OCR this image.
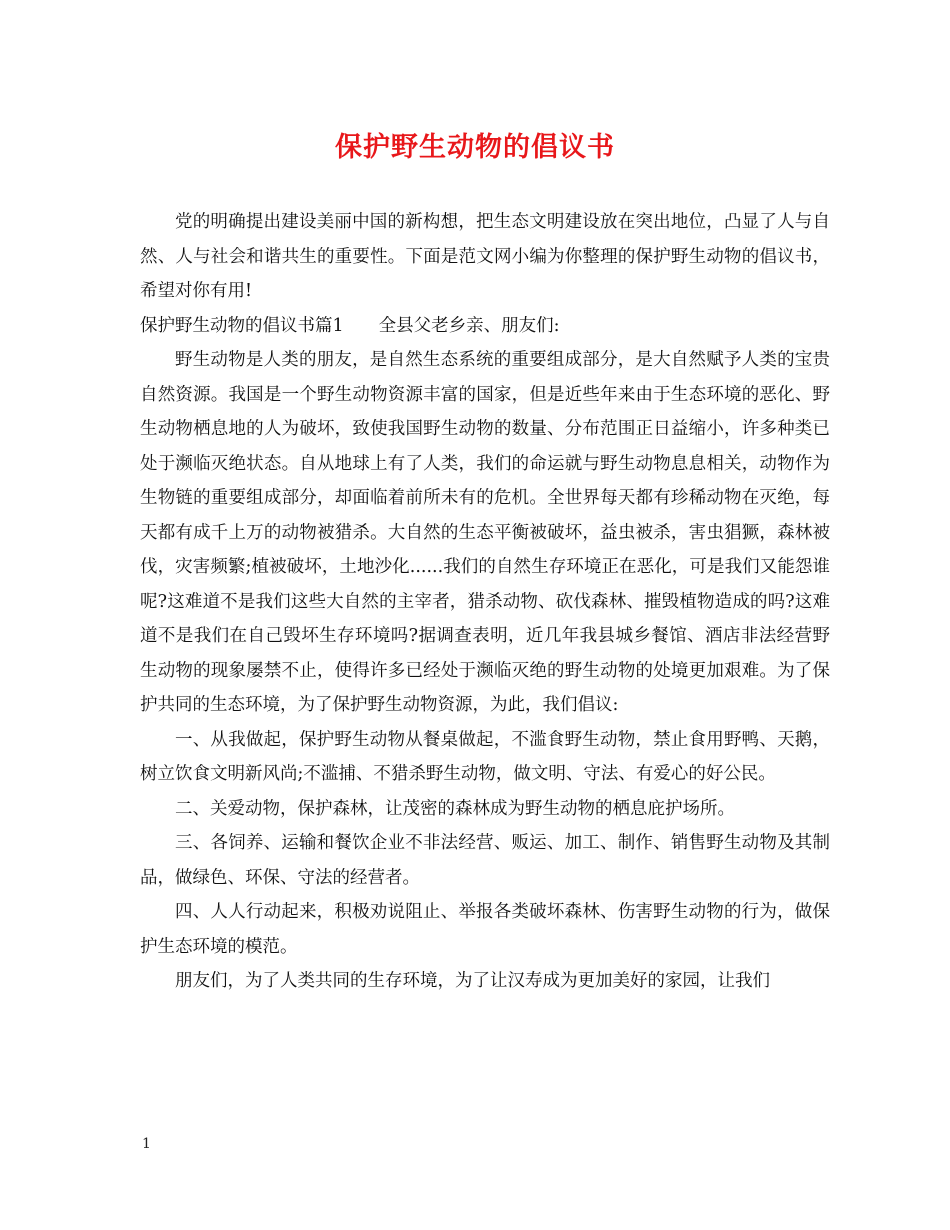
保护野生动物的倡议书

党的明确提出建设美丽中国的新构想，把生态文明建设放在突出地位，凸显了人与自然、人与社会和谐共生的重要性。下面是范文网小编为你整理的保护野生动物的倡议书，希望对你有用!

保护野生动物的倡议书篇1　　全县父老乡亲、朋友们:

野生动物是人类的朋友，是自然生态系统的重要组成部分，是大自然赋予人类的宝贵自然资源。我国是一个野生动物资源丰富的国家，但是近些年来由于生态环境的恶化、野生动物栖息地的人为破坏，致使我国野生动物的数量、分布范围正日益缩小，许多种类已处于濒临灭绝状态。自从地球上有了人类，我们的命运就与野生动物息息相关，动物作为生物链的重要组成部分，却面临着前所未有的危机。全世界每天都有珍稀动物在灭绝，每天都有成千上万的动物被猎杀。大自然的生态平衡被破坏，益虫被杀，害虫猖獗，森林被伐，灾害频繁;植被破坏，土地沙化......我们的自然生存环境正在恶化，可是我们又能怨谁呢?这难道不是我们这些大自然的主宰者，猎杀动物、砍伐森林、摧毁植物造成的吗?这难道不是我们在自己毁坏生存环境吗?据调查表明，近几年我县城乡餐馆、酒店非法经营野生动物的现象屡禁不止，使得许多已经处于濒临灭绝的野生动物的处境更加艰难。为了保护共同的生态环境，为了保护野生动物资源，为此，我们倡议:

一、从我做起，保护野生动物从餐桌做起，不滥食野生动物，禁止食用野鸭、天鹅，树立饮食文明新风尚;不滥捕、不猎杀野生动物，做文明、守法、有爱心的好公民。

二、关爱动物，保护森林，让茂密的森林成为野生动物的栖息庇护场所。

三、各饲养、运输和餐饮企业不非法经营、贩运、加工、制作、销售野生动物及其制品，做绿色、环保、守法的经营者。

四、人人行动起来，积极劝说阻止、举报各类破坏森林、伤害野生动物的行为，做保护生态环境的模范。

朋友们，为了人类共同的生存环境，为了让汉寿成为更加美好的家园，让我们

1
